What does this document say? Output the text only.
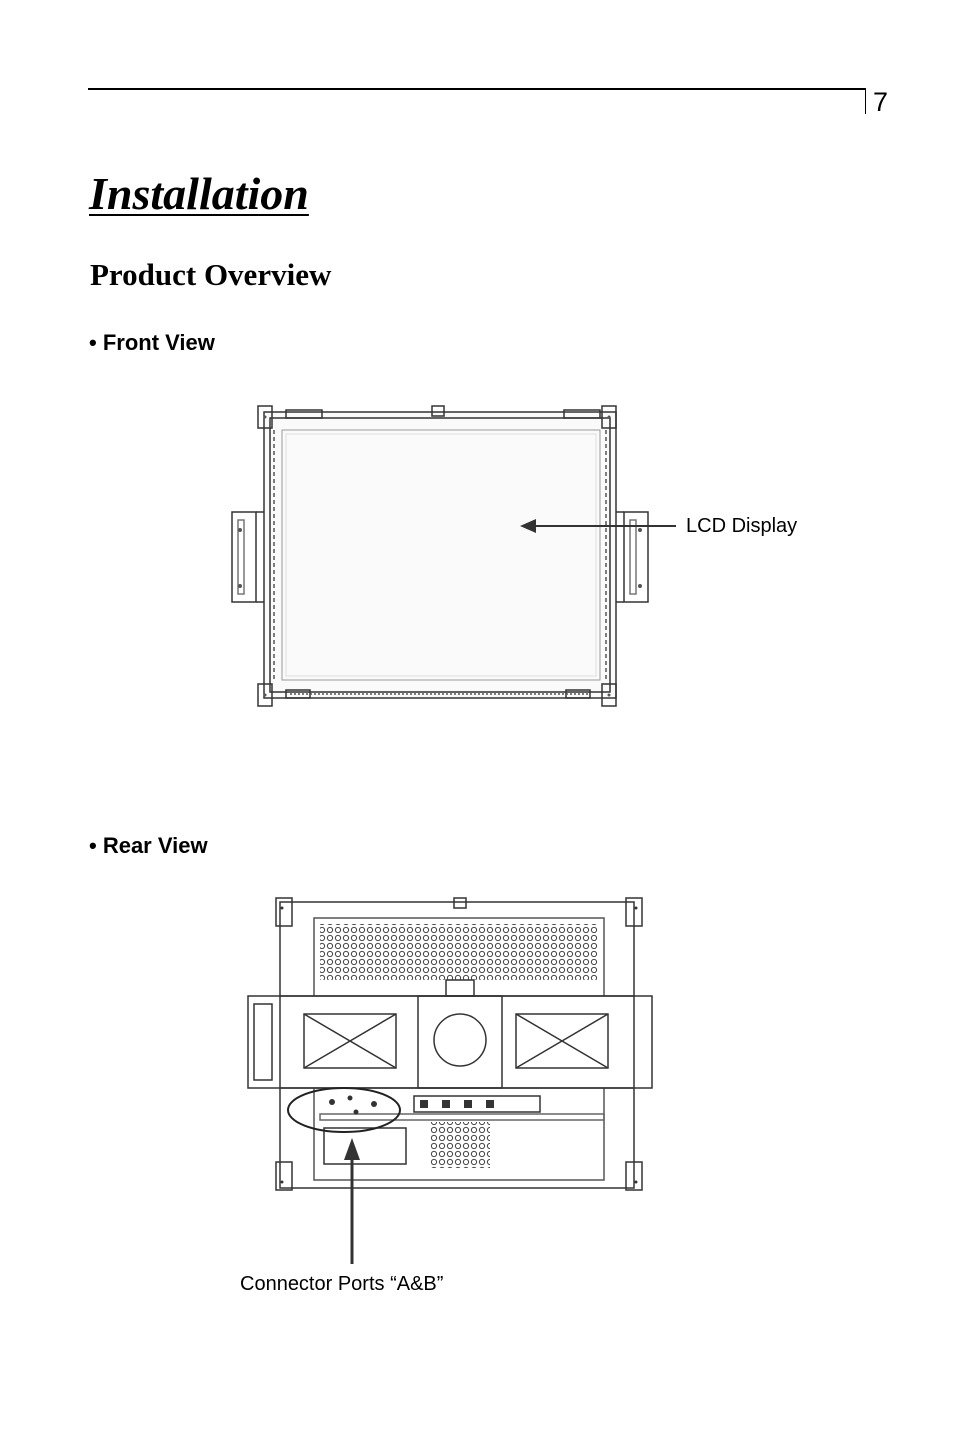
7
Installation
Product Overview
• Front View
LCD Display
• Rear View
Connector Ports “A&B”
